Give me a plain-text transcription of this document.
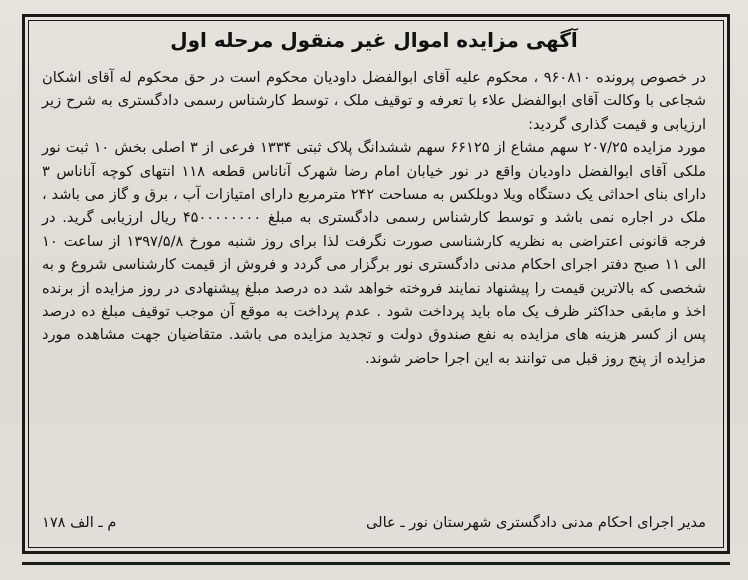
آگهی مزایده اموال غیر منقول مرحله اول

در خصوص پرونده ۹۶۰۸۱۰ ، محکوم علیه آقای ابوالفضل داودیان محکوم است در حق محکوم له آقای اشکان شجاعی با وکالت آقای ابوالفضل علاء با تعرفه و توقیف ملک ، توسط کارشناس رسمی دادگستری به شرح زیر ارزیابی و قیمت گذاری گردید:

مورد مزایده ۲۰۷/۲۵ سهم مشاع از ۶۶۱۲۵ سهم ششدانگ پلاک ثبتی ۱۳۳۴ فرعی از ۳ اصلی بخش ۱۰ ثبت نور ملکی آقای ابوالفضل داودیان واقع در نور خیابان امام رضا شهرک آناناس قطعه ۱۱۸ انتهای کوچه آناناس ۳ دارای بنای احداثی یک دستگاه ویلا دوبلکس به مساحت ۲۴۲ مترمربع دارای امتیازات آب ، برق و گاز می باشد ، ملک در اجاره نمی باشد و توسط کارشناس رسمی دادگستری به مبلغ ۴۵۰۰۰۰۰۰۰۰ ریال ارزیابی گرید. در فرجه قانونی اعتراضی به نظریه کارشناسی صورت نگرفت لذا برای روز شنبه مورخ ۱۳۹۷/۵/۸ از ساعت ۱۰ الی ۱۱ صبح دفتر اجرای احکام مدنی دادگستری نور برگزار می گردد و فروش از قیمت کارشناسی شروع و به شخصی که بالاترین قیمت را پیشنهاد نمایند فروخته خواهد شد ده درصد مبلغ پیشنهادی در روز مزایده از برنده اخذ و مابقی حداکثر ظرف یک ماه باید پرداخت شود . عدم پرداخت به موقع آن موجب توقیف مبلغ ده درصد پس از کسر هزینه های مزایده به نفع صندوق دولت و تجدید مزایده می باشد. متقاضیان جهت مشاهده مورد مزایده از پنج روز قبل می توانند به این اجرا حاضر شوند.

مدیر اجرای احکام مدنی دادگستری شهرستان نور ـ عالی
م ـ الف ۱۷۸
